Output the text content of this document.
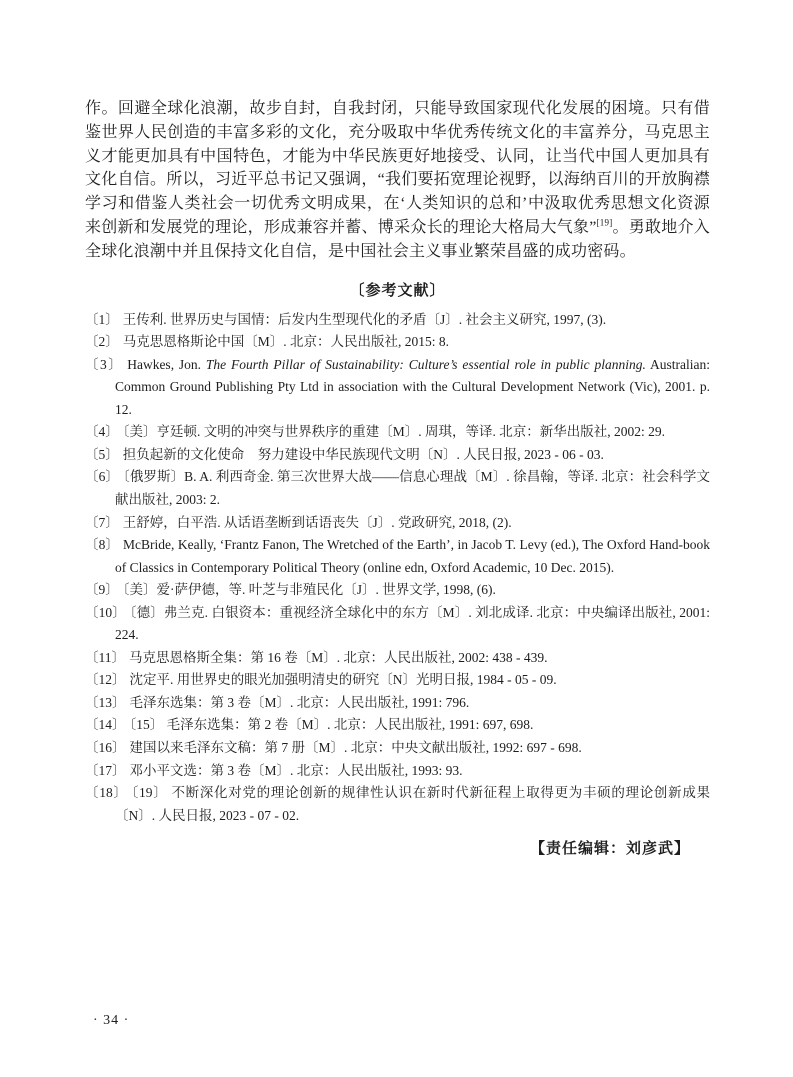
作。回避全球化浪潮，故步自封，自我封闭，只能导致国家现代化发展的困境。只有借鉴世界人民创造的丰富多彩的文化，充分吸取中华优秀传统文化的丰富养分，马克思主义才能更加具有中国特色，才能为中华民族更好地接受、认同，让当代中国人更加具有文化自信。所以，习近平总书记又强调，“我们要拓宽理论视野，以海纳百川的开放胸襟学习和借鉴人类社会一切优秀文明成果，在‘人类知识的总和’中汲取优秀思想文化资源来创新和发展党的理论，形成兼容并蓄、博采众长的理论大格局大气象”[19]。勇敢地介入全球化浪潮中并且保持文化自信，是中国社会主义事业繁荣昌盛的成功密码。

〔参考文献〕
〔1〕 王传利. 世界历史与国情：后发内生型现代化的矛盾〔J〕. 社会主义研究, 1997, (3).
〔2〕 马克思恩格斯论中国〔M〕. 北京：人民出版社, 2015: 8.
〔3〕 Hawkes, Jon. The Fourth Pillar of Sustainability: Culture’s essential role in public planning. Australian: Common Ground Publishing Pty Ltd in association with the Cultural Development Network (Vic), 2001. p. 12.
〔4〕 〔美〕亨廷顿. 文明的冲突与世界秩序的重建〔M〕. 周琪，等译. 北京：新华出版社, 2002: 29.
〔5〕 担负起新的文化使命　努力建设中华民族现代文明〔N〕. 人民日报, 2023 - 06 - 03.
〔6〕 〔俄罗斯〕B. A. 利西奇金. 第三次世界大战——信息心理战〔M〕. 徐昌翰，等译. 北京：社会科学文献出版社, 2003: 2.
〔7〕 王舒婷，白平浩. 从话语垄断到话语丧失〔J〕. 党政研究, 2018, (2).
〔8〕 McBride, Keally, ‘Frantz Fanon, The Wretched of the Earth’, in Jacob T. Levy (ed.), The Oxford Hand-book of Classics in Contemporary Political Theory (online edn, Oxford Academic, 10 Dec. 2015).
〔9〕 〔美〕爱·萨伊德，等. 叶芝与非殖民化〔J〕. 世界文学, 1998, (6).
〔10〕 〔德〕弗兰克. 白银资本：重视经济全球化中的东方〔M〕. 刘北成译. 北京：中央编译出版社, 2001: 224.
〔11〕 马克思恩格斯全集：第 16 卷〔M〕. 北京：人民出版社, 2002: 438 - 439.
〔12〕 沈定平. 用世界史的眼光加强明清史的研究〔N〕光明日报, 1984 - 05 - 09.
〔13〕 毛泽东选集：第 3 卷〔M〕. 北京：人民出版社, 1991: 796.
〔14〕 〔15〕 毛泽东选集：第 2 卷〔M〕. 北京：人民出版社, 1991: 697, 698.
〔16〕 建国以来毛泽东文稿：第 7 册〔M〕. 北京：中央文献出版社, 1992: 697 - 698.
〔17〕 邓小平文选：第 3 卷〔M〕. 北京：人民出版社, 1993: 93.
〔18〕 〔19〕 不断深化对党的理论创新的规律性认识在新时代新征程上取得更为丰硕的理论创新成果〔N〕. 人民日报, 2023 - 07 - 02.

【责任编辑：刘彦武】

· 34 ·
